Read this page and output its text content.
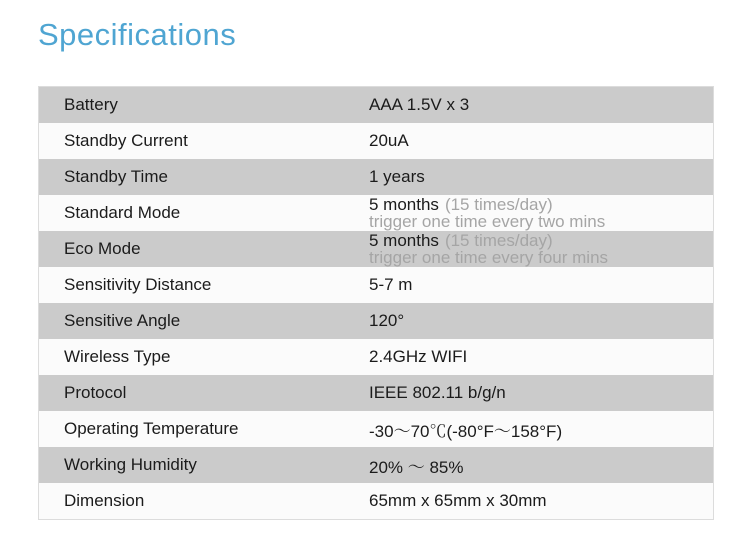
Specifications
Battery	AAA 1.5V x 3
Standby Current	20uA
Standby Time	1 years
Standard Mode	5 months (15 times/day)
trigger one time every two mins
Eco Mode	5 months (15 times/day)
trigger one time every four mins
Sensitivity Distance	5-7 m
Sensitive Angle	120°
Wireless Type	2.4GHz WIFI
Protocol	IEEE 802.11 b/g/n
Operating Temperature	-30～70℃(-80°F～158°F)
Working Humidity	20% ～ 85%
Dimension	65mm x 65mm x 30mm
